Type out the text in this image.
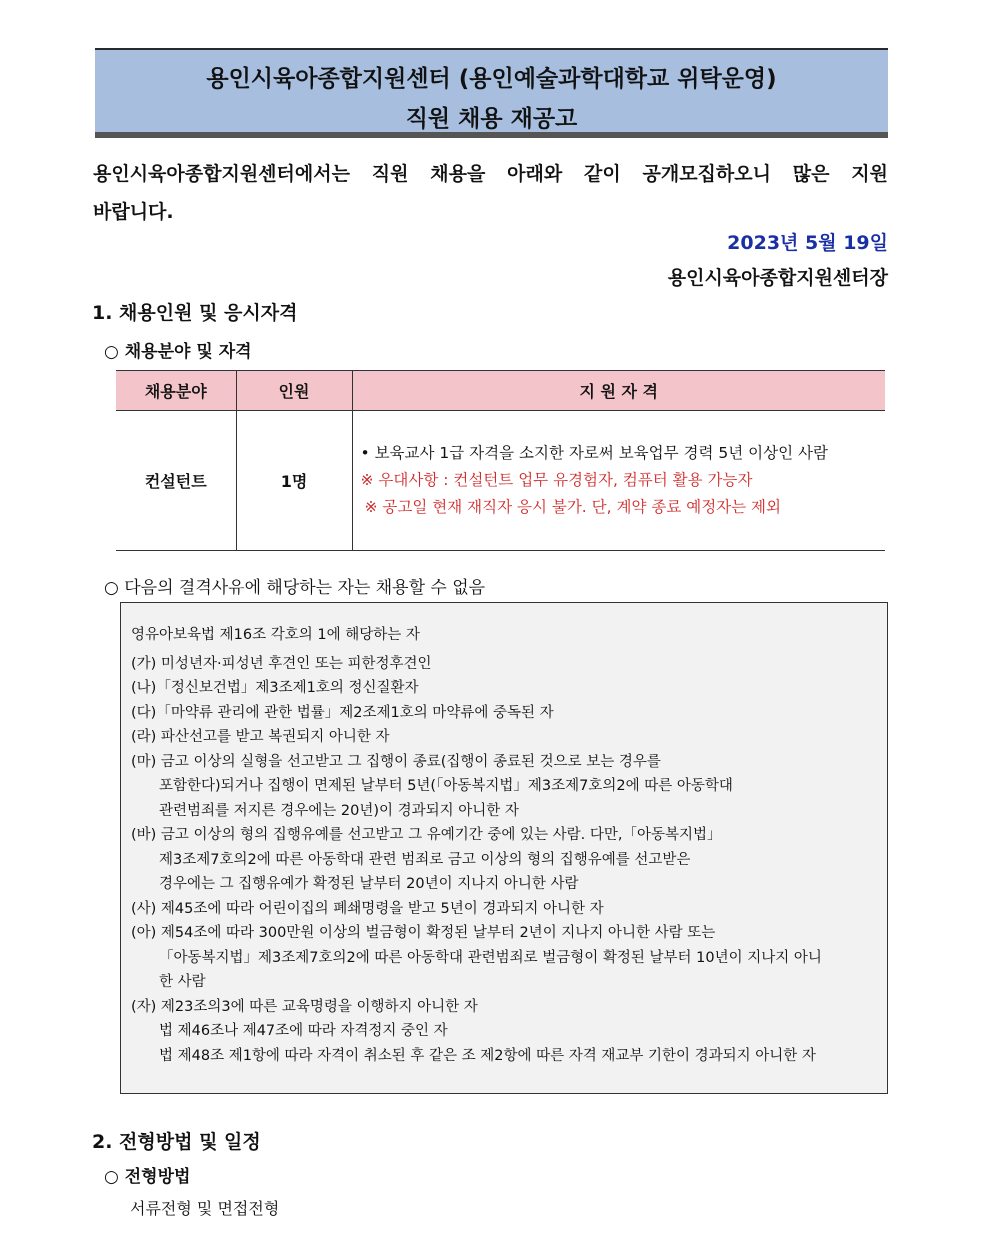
용인시육아종합지원센터 (용인예술과학대학교 위탁운영)
직원 채용 재공고
용인시육아종합지원센터에서는 직원 채용을 아래와 같이 공개모집하오니 많은 지원
바랍니다.
2023년 5월 19일
용인시육아종합지원센터장
1. 채용인원 및 응시자격
○ 채용분야 및 자격
채용분야	인원	지 원 자 격
컨설턴트	1명	• 보육교사 1급 자격을 소지한 자로써 보육업무 경력 5년 이상인 사람
※ 우대사항 : 컨설턴트 업무 유경험자, 컴퓨터 활용 가능자
※ 공고일 현재 재직자 응시 불가. 단, 계약 종료 예정자는 제외
○ 다음의 결격사유에 해당하는 자는 채용할 수 없음
영유아보육법 제16조 각호의 1에 해당하는 자
(가) 미성년자·피성년 후견인 또는 피한정후견인
(나)「정신보건법」제3조제1호의 정신질환자
(다)「마약류 관리에 관한 법률」제2조제1호의 마약류에 중독된 자
(라) 파산선고를 받고 복권되지 아니한 자
(마) 금고 이상의 실형을 선고받고 그 집행이 종료(집행이 종료된 것으로 보는 경우를
포함한다)되거나 집행이 면제된 날부터 5년(「아동복지법」제3조제7호의2에 따른 아동학대
관련범죄를 저지른 경우에는 20년)이 경과되지 아니한 자
(바) 금고 이상의 형의 집행유예를 선고받고 그 유예기간 중에 있는 사람. 다만,「아동복지법」
제3조제7호의2에 따른 아동학대 관련 범죄로 금고 이상의 형의 집행유예를 선고받은
경우에는 그 집행유예가 확정된 날부터 20년이 지나지 아니한 사람
(사) 제45조에 따라 어린이집의 폐쇄명령을 받고 5년이 경과되지 아니한 자
(아) 제54조에 따라 300만원 이상의 벌금형이 확정된 날부터 2년이 지나지 아니한 사람 또는
「아동복지법」제3조제7호의2에 따른 아동학대 관련범죄로 벌금형이 확정된 날부터 10년이 지나지 아니
한 사람
(자) 제23조의3에 따른 교육명령을 이행하지 아니한 자
법 제46조나 제47조에 따라 자격정지 중인 자
법 제48조 제1항에 따라 자격이 취소된 후 같은 조 제2항에 따른 자격 재교부 기한이 경과되지 아니한 자
2. 전형방법 및 일정
○ 전형방법
서류전형 및 면접전형
